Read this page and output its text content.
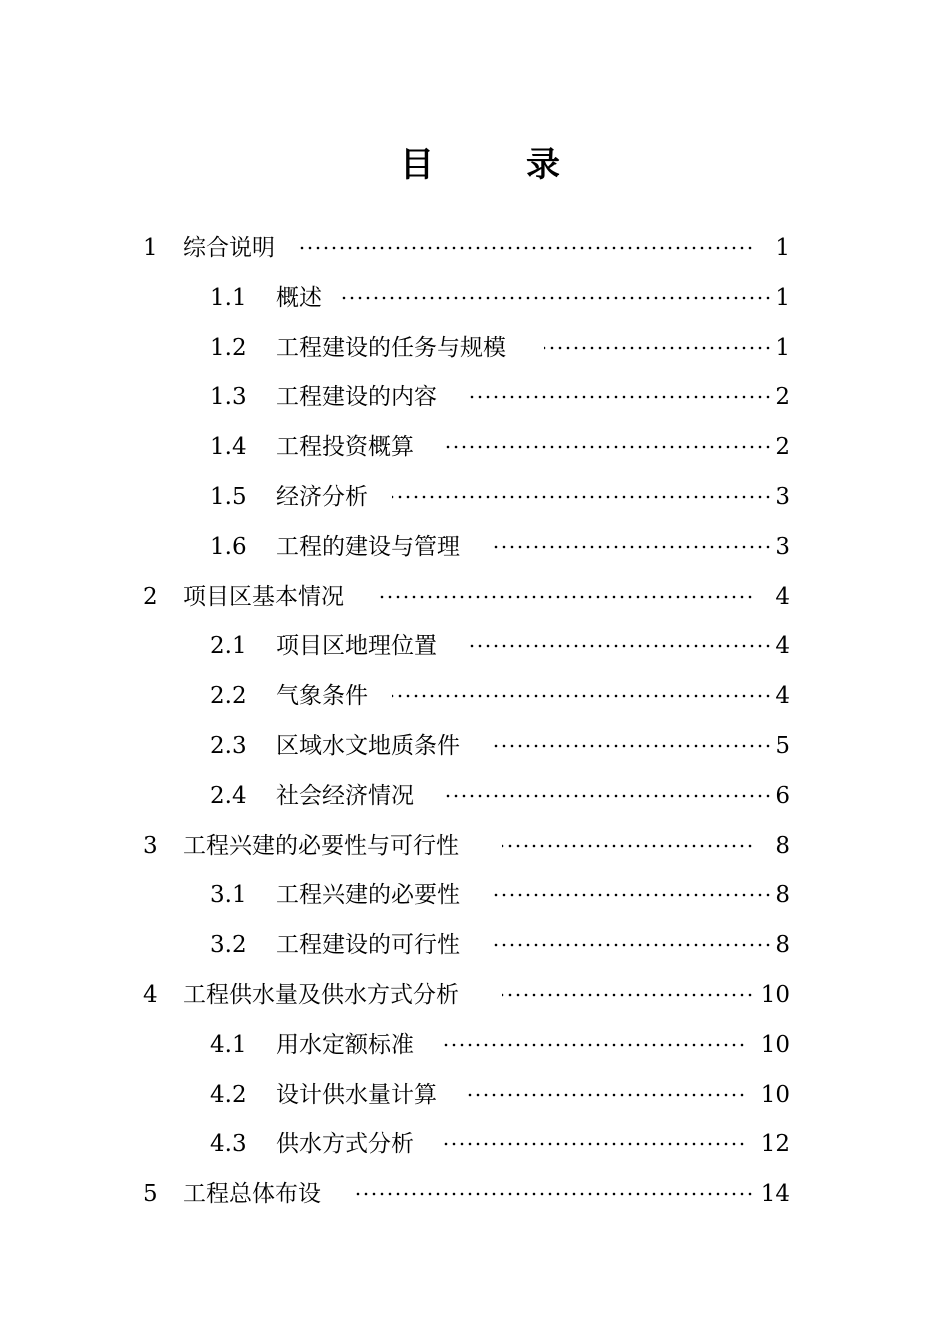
目	录
1 综合说明	1
1.1 概述	1
1.2 工程建设的任务与规模	1
1.3 工程建设的内容	2
1.4 工程投资概算	2
1.5 经济分析	3
1.6 工程的建设与管理	3
2 项目区基本情况	4
2.1 项目区地理位置	4
2.2 气象条件	4
2.3 区域水文地质条件	5
2.4 社会经济情况	6
3 工程兴建的必要性与可行性	8
3.1 工程兴建的必要性	8
3.2 工程建设的可行性	8
4 工程供水量及供水方式分析	10
4.1 用水定额标准	10
4.2 设计供水量计算	10
4.3 供水方式分析	12
5 工程总体布设	14
